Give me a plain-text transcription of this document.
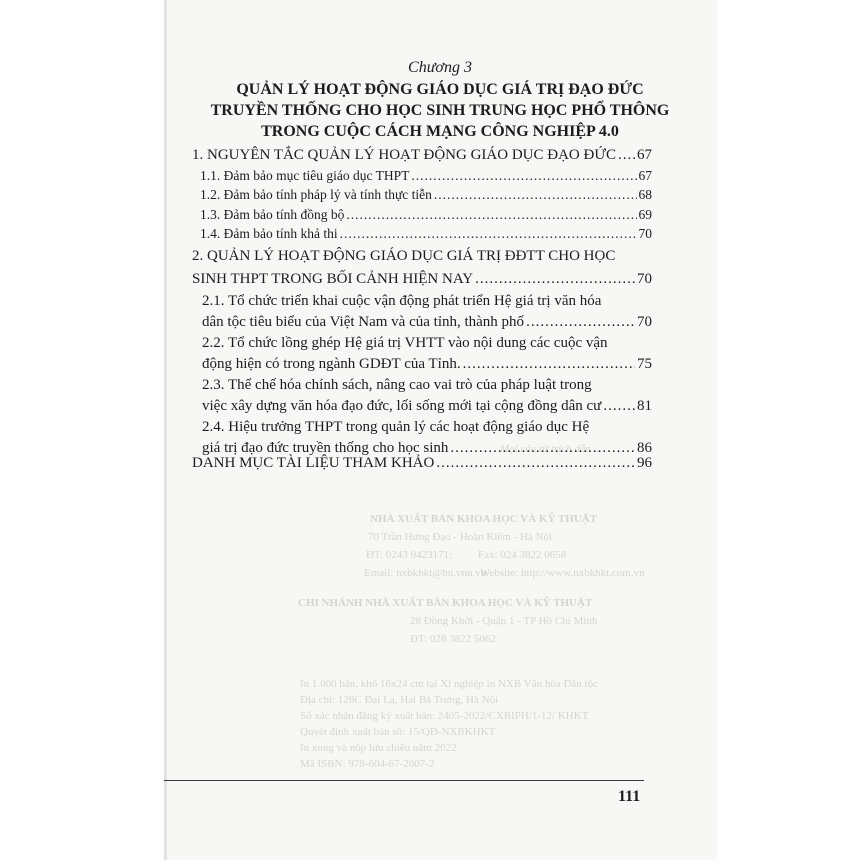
NHÀ XUẤT BẢN KHOA HỌC VÀ KỸ THUẬT
70 Trần Hưng Đạo - Hoàn Kiếm - Hà Nội
ĐT: 0243 9423171; Fax: 024 3822 0658
Email: nxbkhkt@hn.vnn.vn
Website: http://www.nxbkhkt.com.vn
CHI NHÁNH NHÀ XUẤT BẢN KHOA HỌC VÀ KỸ THUẬT
28 Đồng Khởi - Quận 1 - TP Hồ Chí Minh
ĐT: 028 3822 5062
Mọi câu từ trích dẫn ...
In 1.000 bản, khổ 16x24 cm tại Xí nghiệp in NXB Văn hóa Dân tộc
Địa chỉ: 128C Đại La, Hai Bà Trưng, Hà Nội
Số xác nhận đăng ký xuất bản: 2405-2022/CXBIPH/1-12/ KHKT
Quyết định xuất bản số: 15/QĐ-NXBKHKT
In xong và nộp lưu chiểu năm 2022
Mã ISBN: 978-604-67-2007-2
Chương 3
QUẢN LÝ HOẠT ĐỘNG GIÁO DỤC GIÁ TRỊ ĐẠO ĐỨC
TRUYỀN THỐNG CHO HỌC SINH TRUNG HỌC PHỔ THÔNG
TRONG CUỘC CÁCH MẠNG CÔNG NGHIỆP 4.0
1. NGUYÊN TẮC QUẢN LÝ HOẠT ĐỘNG GIÁO DỤC ĐẠO ĐỨC ..... 67
1.1. Đảm bảo mục tiêu giáo dục THPT .....	67
1.2. Đảm bảo tính pháp lý và tính thực tiễn .....	68
1.3. Đảm bảo tính đồng bộ .....	69
1.4. Đảm bảo tính khả thi .....	70
2. QUẢN LÝ HOẠT ĐỘNG GIÁO DỤC GIÁ TRỊ ĐĐTT CHO HỌC
SINH THPT TRONG BỐI CẢNH HIỆN NAY .....	70
2.1. Tổ chức triển khai cuộc vận động phát triển Hệ giá trị văn hóa
dân tộc tiêu biểu của Việt Nam và của tỉnh, thành phố .....	70
2.2. Tổ chức lồng ghép Hệ giá trị VHTT vào nội dung các cuộc vận
động hiện có trong ngành GDĐT của Tỉnh. .....	75
2.3. Thể chế hóa chính sách, nâng cao vai trò của pháp luật trong
việc xây dựng văn hóa đạo đức, lối sống mới tại cộng đồng dân cư ..... 81
2.4. Hiệu trưởng THPT trong quản lý các hoạt động giáo dục Hệ
giá trị đạo đức truyền thống cho học sinh .....	86
DANH MỤC TÀI LIỆU THAM KHẢO .....	96
111
